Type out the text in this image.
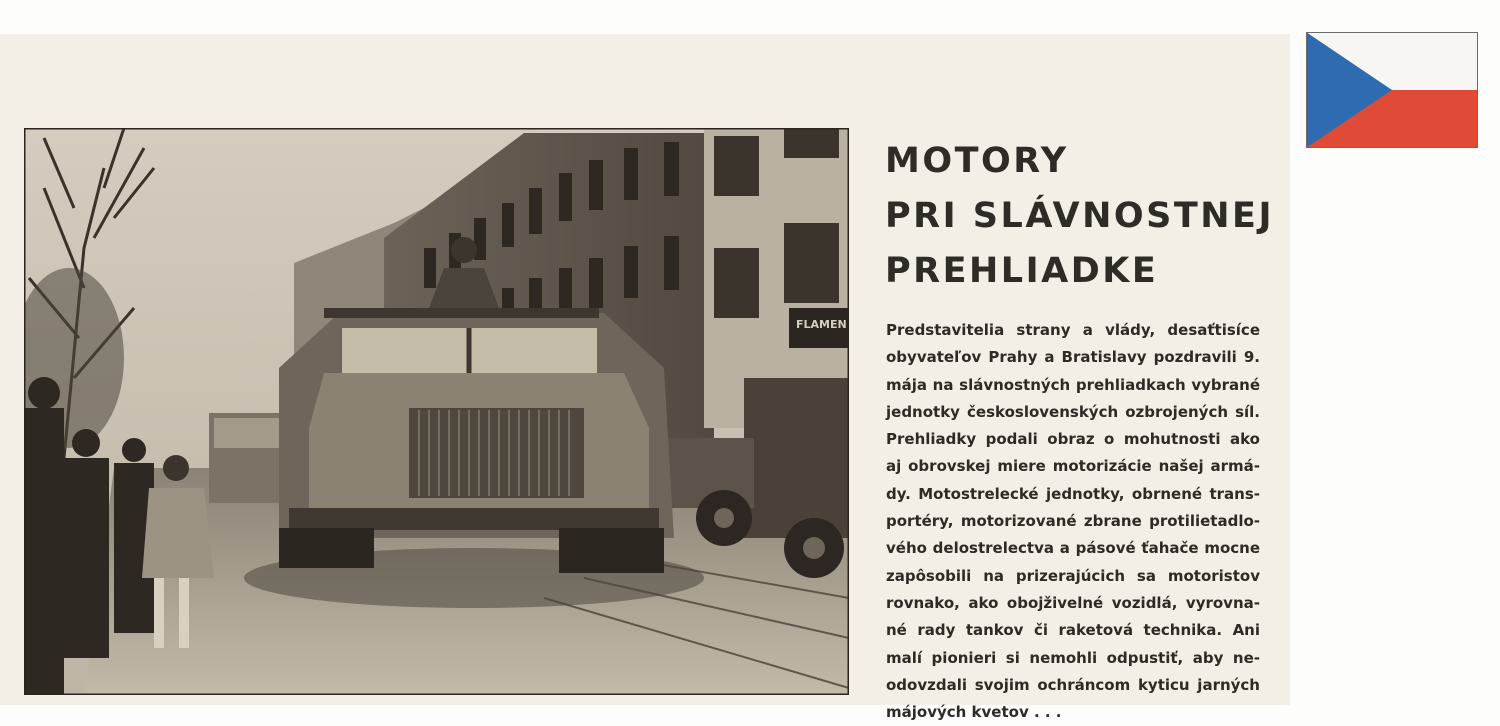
FLAMEN
MOTORY
PRI SLÁVNOSTNEJ
PREHLIADKE

Predstavitelia strany a vlády, desaťtisíce
obyvateľov Prahy a Bratislavy pozdravili 9.
mája na slávnostných prehliadkach vybrané
jednotky československých ozbrojených síl.
Prehliadky podali obraz o mohutnosti ako
aj obrovskej miere motorizácie našej armá-
dy. Motostrelecké jednotky, obrnené trans-
portéry, motorizované zbrane protilietadlo-
vého delostrelectva a pásové ťahače mocne
zapôsobili na prizerajúcich sa motoristov
rovnako, ako obojživelné vozidlá, vyrovna-
né rady tankov či raketová technika. Ani
malí pionieri si nemohli odpustiť, aby ne-
odovzdali svojim ochráncom kyticu jarných
májových kvetov . . .
